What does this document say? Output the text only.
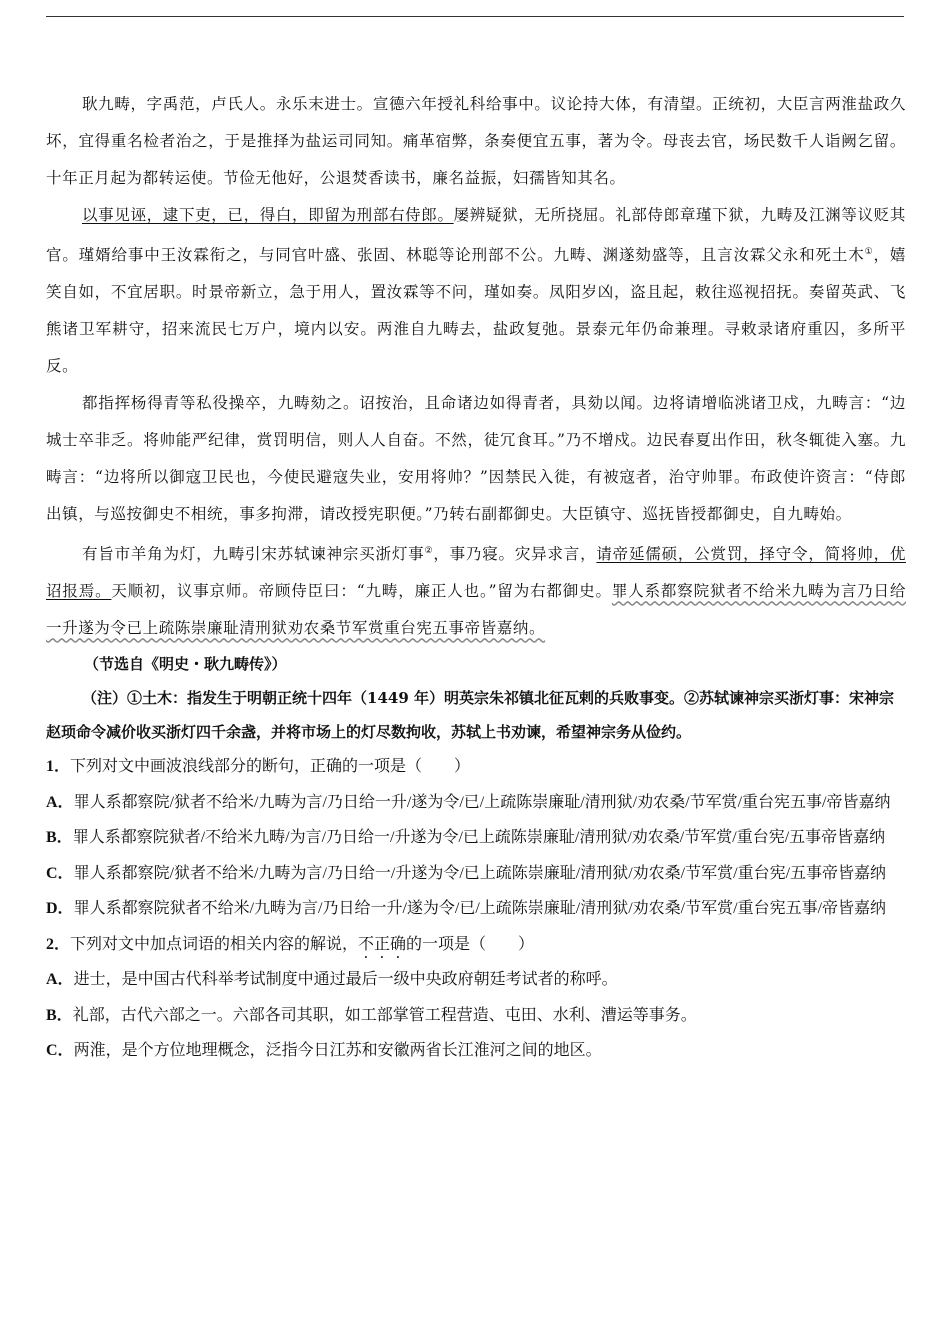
耿九畴，字禹范，卢氏人。永乐末进士。宣德六年授礼科给事中。议论持大体，有清望。正统初，大臣言两淮盐政久坏，宜得重名检者治之，于是推择为盐运司同知。痛革宿弊，条奏便宜五事，著为令。母丧去官，场民数千人诣阙乞留。十年正月起为都转运使。节俭无他好，公退焚香读书，廉名益振，妇孺皆知其名。

以事见诬，逮下吏，已，得白，即留为刑部右侍郎。屡辨疑狱，无所挠屈。礼部侍郎章瑾下狱，九畴及江渊等议贬其官。瑾婿给事中王汝霖衔之，与同官叶盛、张固、林聪等论刑部不公。九畴、渊遂劾盛等，且言汝霖父永和死土木①，嬉笑自如，不宜居职。时景帝新立，急于用人，置汝霖等不问，瑾如奏。凤阳岁凶，盗且起，敕往巡视招抚。奏留英武、飞熊诸卫军耕守，招来流民七万户，境内以安。两淮自九畴去，盐政复弛。景泰元年仍命兼理。寻敕录诸府重囚，多所平反。

都指挥杨得青等私役操卒，九畴劾之。诏按治，且命诸边如得青者，具劾以闻。边将请增临洮诸卫戍，九畴言：“边城士卒非乏。将帅能严纪律，赏罚明信，则人人自奋。不然，徒冗食耳。”乃不增戍。边民春夏出作田，秋冬辄徙入塞。九畴言：“边将所以御寇卫民也，今使民避寇失业，安用将帅？”因禁民入徙，有被寇者，治守帅罪。布政使许资言：“侍郎出镇，与巡按御史不相统，事多拘滞，请改授宪职便。”乃转右副都御史。大臣镇守、巡抚皆授都御史，自九畴始。

有旨市羊角为灯，九畴引宋苏轼谏神宗买浙灯事②，事乃寝。灾异求言，请帝延儒硕，公赏罚，择守令，简将帅，优诏报焉。天顺初，议事京师。帝顾侍臣曰：“九畴，廉正人也。”留为右都御史。罪人系都察院狱者不给米九畴为言乃日给一升遂为令已上疏陈崇廉耻清刑狱劝农桑节军赏重台宪五事帝皆嘉纳。

（节选自《明史・耿九畴传》）

（注）①土木：指发生于明朝正统十四年（1449 年）明英宗朱祁镇北征瓦剌的兵败事变。②苏轼谏神宗买浙灯事：宋神宗赵顼命令减价收买浙灯四千余盏，并将市场上的灯尽数拘收，苏轼上书劝谏，希望神宗务从俭约。

1．下列对文中画波浪线部分的断句，正确的一项是（　　）

A．罪人系都察院/狱者不给米/九畴为言/乃日给一升/遂为令/已/上疏陈崇廉耻/清刑狱/劝农桑/节军赏/重台宪五事/帝皆嘉纳

B．罪人系都察院狱者/不给米九畴/为言/乃日给一/升遂为令/已上疏陈崇廉耻/清刑狱/劝农桑/节军赏/重台宪/五事帝皆嘉纳

C．罪人系都察院/狱者不给米/九畴为言/乃日给一/升遂为令/已上疏陈崇廉耻/清刑狱/劝农桑/节军赏/重台宪/五事帝皆嘉纳

D．罪人系都察院狱者不给米/九畴为言/乃日给一升/遂为令/已/上疏陈崇廉耻/清刑狱/劝农桑/节军赏/重台宪五事/帝皆嘉纳

2．下列对文中加点词语的相关内容的解说，不正确的一项是（　　）

A．进士，是中国古代科举考试制度中通过最后一级中央政府朝廷考试者的称呼。

B．礼部，古代六部之一。六部各司其职，如工部掌管工程营造、屯田、水利、漕运等事务。

C．两淮，是个方位地理概念，泛指今日江苏和安徽两省长江淮河之间的地区。
